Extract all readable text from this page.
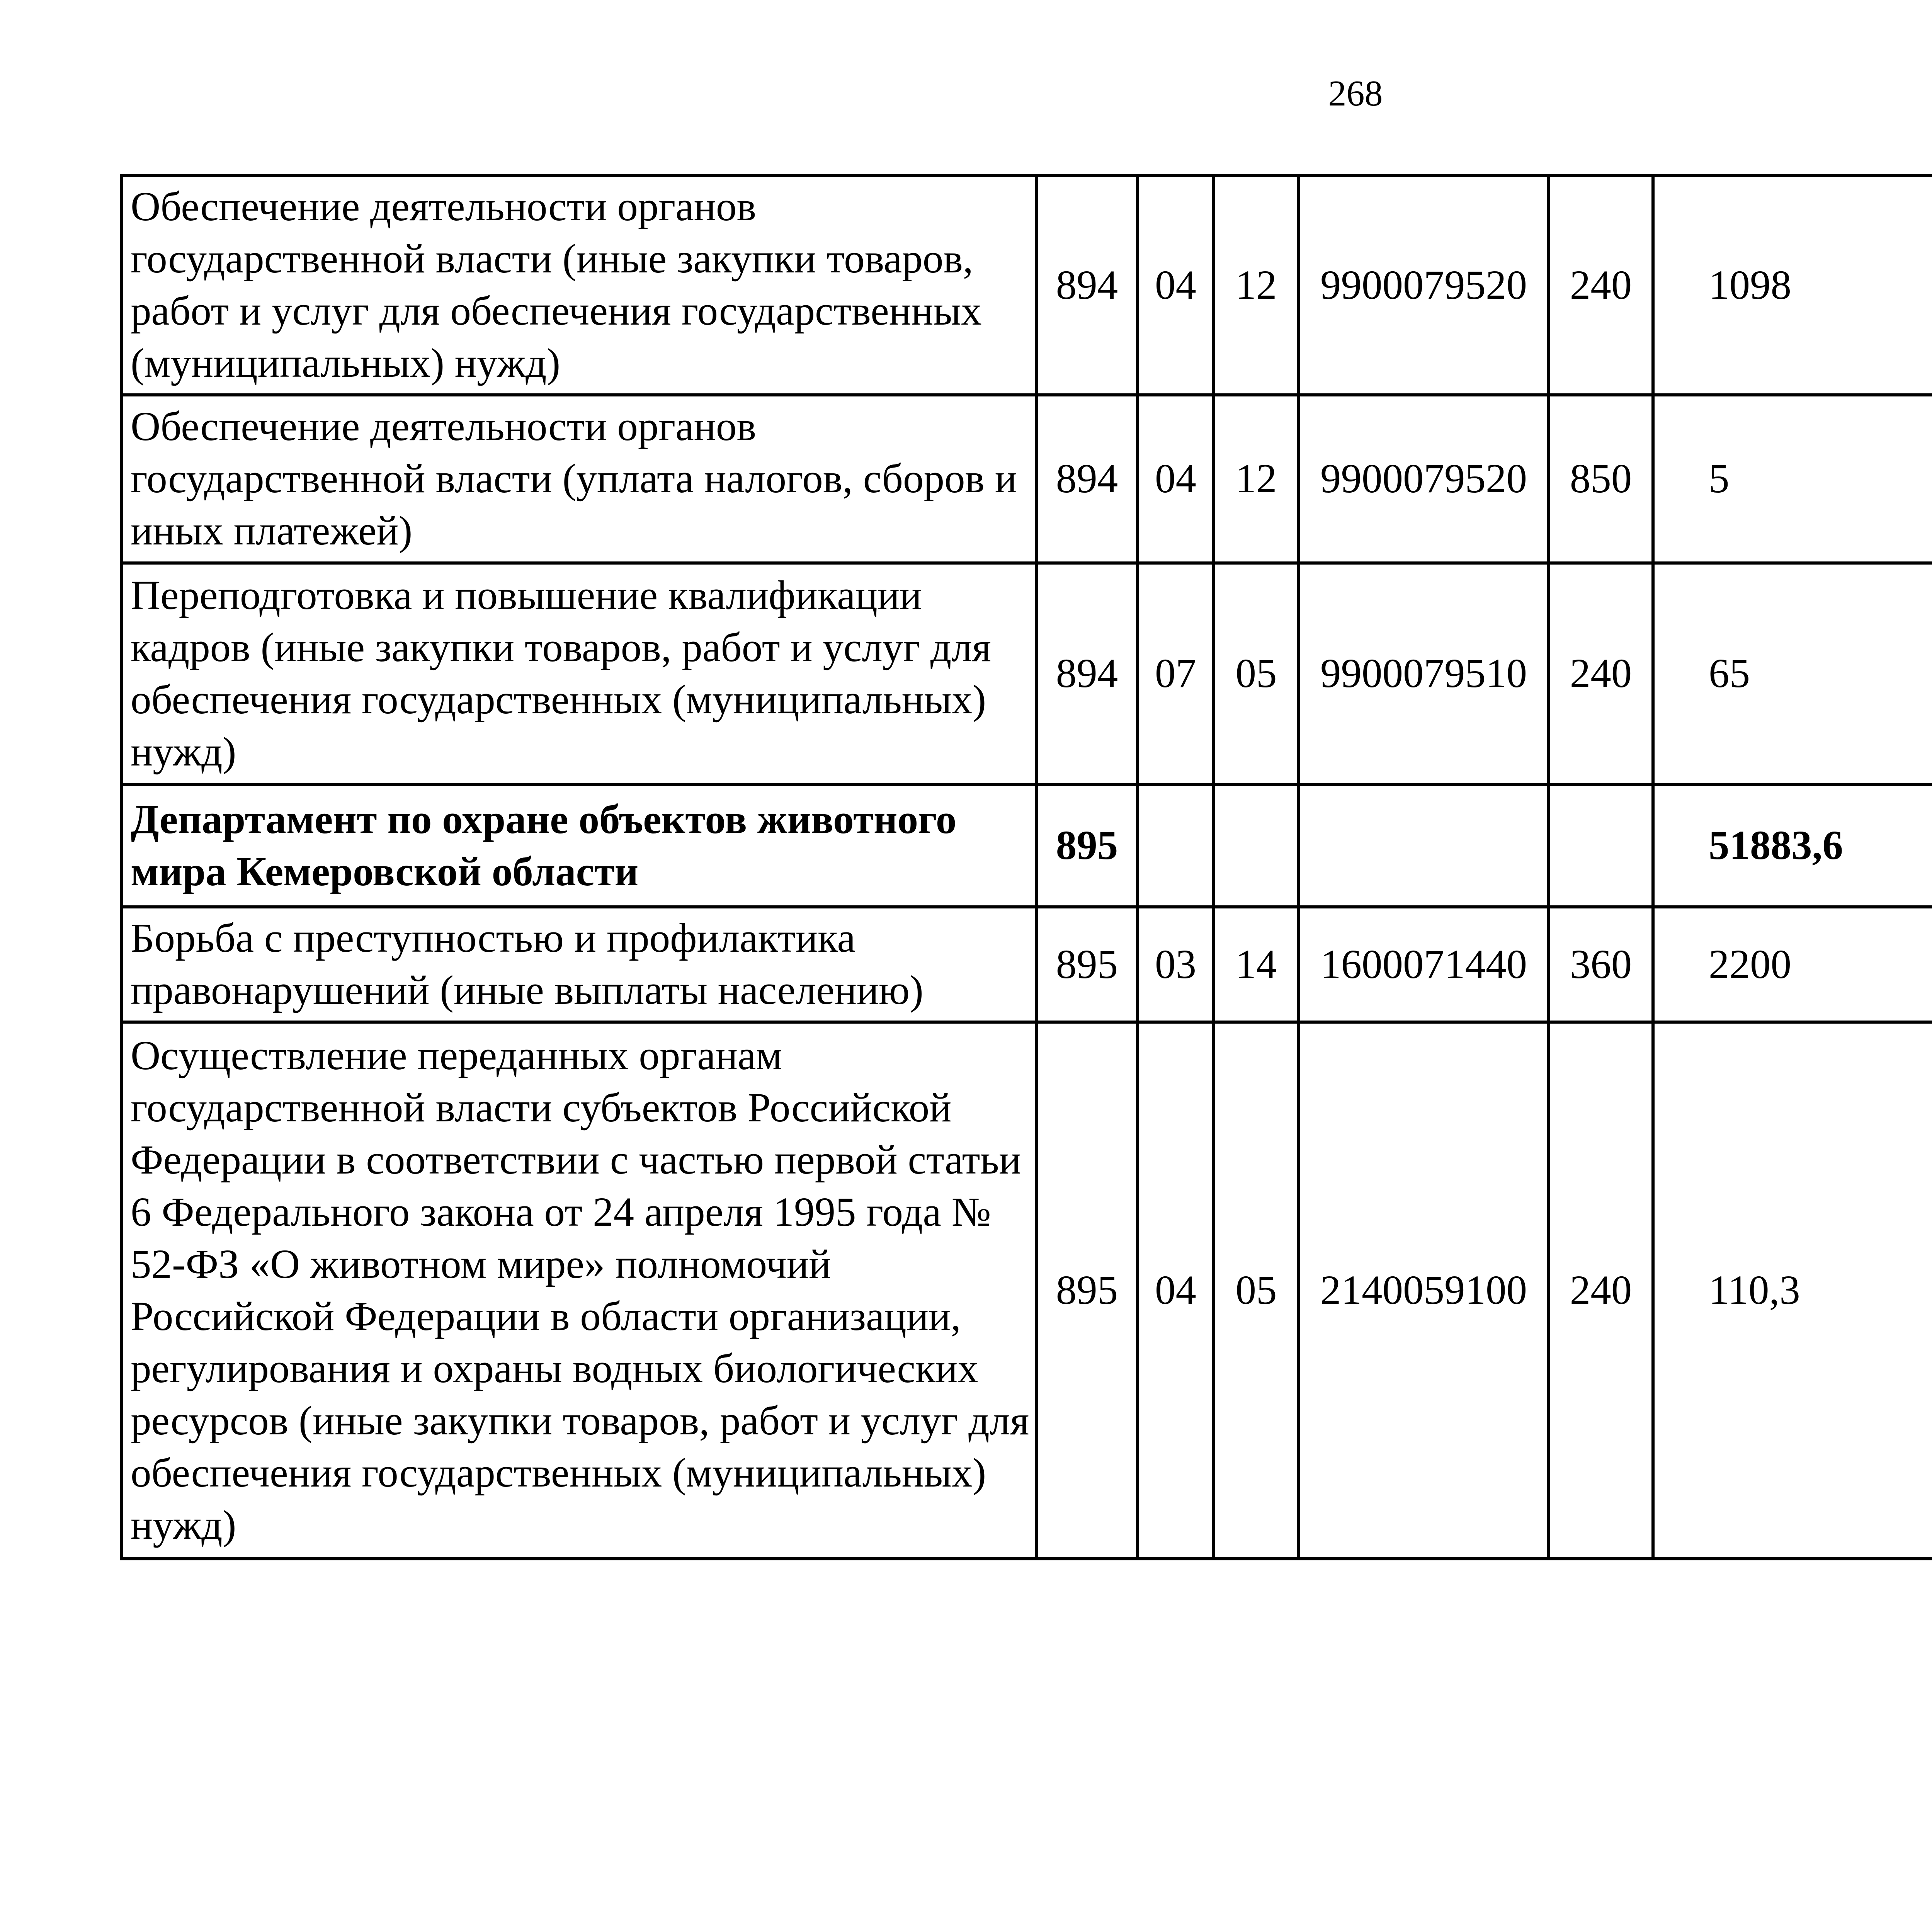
268
Обеспечение деятельности органов государственной власти (иные закупки товаров, работ и услуг для обеспечения государственных (муниципальных) нужд)	894	04	12	9900079520	240	1098		
Обеспечение деятельности органов государственной власти (уплата налогов, сборов и иных платежей)	894	04	12	9900079520	850	5		
Переподготовка и повышение квалификации кадров (иные закупки товаров, работ и услуг для обеспечения государственных (муниципальных) нужд)	894	07	05	9900079510	240	65		
Департамент по охране объектов животного мира Кемеровской области	895					51883,6		
Борьба с преступностью и профилактика правонарушений (иные выплаты населению)	895	03	14	1600071440	360	2200		
Осуществление переданных органам государственной власти субъектов Российской Федерации в соответствии с частью первой статьи 6 Федерального закона от 24 апреля 1995 года № 52-ФЗ «О животном мире» полномочий Российской Федерации в области организации, регулирования и охраны водных биологических ресурсов (иные закупки товаров, работ и услуг для обеспечения государственных (муниципальных) нужд)	895	04	05	2140059100	240	110,3		
